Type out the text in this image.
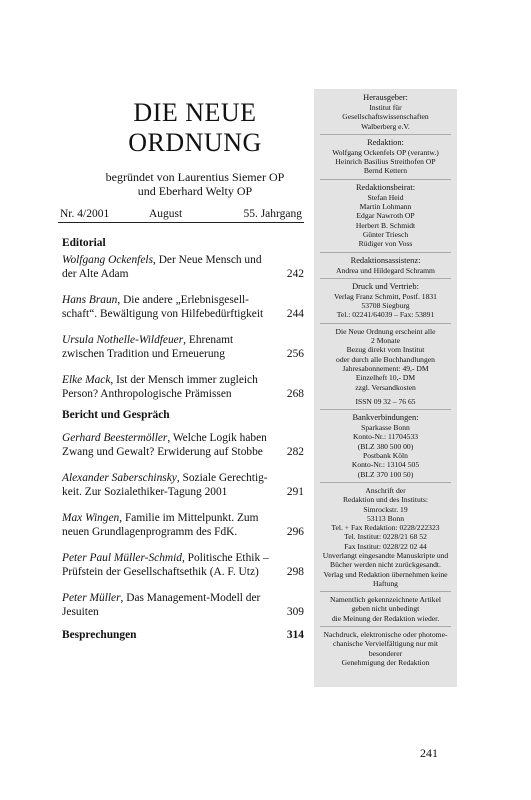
DIE NEUE
ORDNUNG
begründet von Laurentius Siemer OP
und Eberhard Welty OP
Nr. 4/2001	August	55. Jahrgang
Editorial
Wolfgang Ockenfels, Der Neue Mensch und der Alte Adam	242
Hans Braun, Die andere „Erlebnisgesell-schaft“. Bewältigung von Hilfebedürftigkeit 244
Ursula Nothelle-Wildfeuer, Ehrenamt zwischen Tradition und Erneuerung	256
Elke Mack, Ist der Mensch immer zugleich Person? Anthropologische Prämissen	268
Bericht und Gespräch
Gerhard Beestermöller, Welche Logik haben Zwang und Gewalt? Erwiderung auf Stobbe 282
Alexander Saberschinsky, Soziale Gerechtig-keit. Zur Sozialethiker-Tagung 2001	291
Max Wingen, Familie im Mittelpunkt. Zum neuen Grundlagenprogramm des FdK.	296
Peter Paul Müller-Schmid, Politische Ethik – Prüfstein der Gesellschaftsethik (A. F. Utz) 298
Peter Müller, Das Management-Modell der Jesuiten	309
Besprechungen	314
Herausgeber:
Institut für
Gesellschaftswissenschaften
Walberberg e.V.
Redaktion:
Wolfgang Ockenfels OP (verantw.)
Heinrich Basilius Streithofen OP
Bernd Kettern
Redaktionsbeirat:
Stefan Heid
Martin Lohmann
Edgar Nawroth OP
Herbert B. Schmidt
Günter Triesch
Rüdiger von Voss
Redaktionsassistenz:
Andrea und Hildegard Schramm
Druck und Vertrieb:
Verlag Franz Schmitt, Postf. 1831
53708 Siegburg
Tel.: 02241/64039 – Fax: 53891
Die Neue Ordnung erscheint alle
2 Monate
Bezug direkt vom Institut
oder durch alle Buchhandlungen
Jahresabonnement: 49,- DM
Einzelheft 10,- DM
zzgl. Versandkosten
ISSN 09 32 – 76 65
Bankverbindungen:
Sparkasse Bonn
Konto-Nr.: 11704533
(BLZ 380 500 00)
Postbank Köln
Konto-Nr.: 13104 505
(BLZ 370 100 50)
Anschrift der
Redaktion und des Instituts:
Simrockstr. 19
53113 Bonn
Tel. + Fax Redaktion: 0228/222323
Tel. Institut: 0228/21 68 52
Fax Institut: 0228/22 02 44
Unverlangt eingesandte Manuskripte und
Bücher werden nicht zurückgesandt.
Verlag und Redaktion übernehmen keine
Haftung
Namentlich gekennzeichnete Artikel
geben nicht unbedingt
die Meinung der Redaktion wieder.
Nachdruck, elektronische oder photome-
chanische Vervielfältigung nur mit
besonderer
Genehmigung der Redaktion
241
